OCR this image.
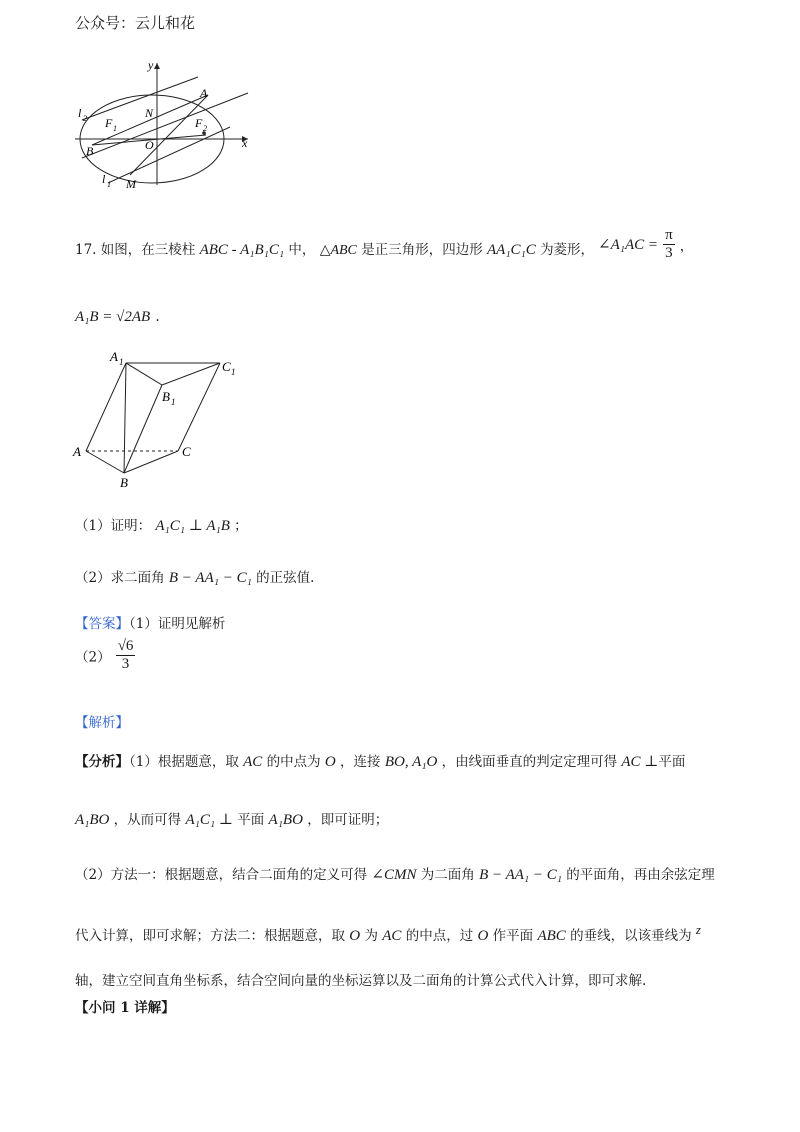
公众号：云儿和花
y
x
l 2
A
N
F 1	F 2
B	O
l 1 M
17. 如图，在三棱柱 ABC - A₁B₁C₁ 中， △ABC 是正三角形，四边形 AA₁C₁C 为菱形， ∠A₁AC = $\frac{\pi}{3}$ ，
A₁B = √2AB .
A 1	C 1
B 1
A	C
B
（1）证明： A₁C₁ ⊥ A₁B ；
（2）求二面角 B − AA₁ − C₁ 的正弦值.
【答案】（1）证明见解析
$(2) \frac{√6}{3}$
【解析】
【分析】（1）根据题意，取 AC 的中点为 O ，连接 BO, A₁O ，由线面垂直的判定定理可得 AC ⊥平面
A₁BO ，从而可得 A₁C₁ ⊥ 平面 A₁BO ，即可证明；
（2）方法一：根据题意，结合二面角的定义可得 ∠CMN 为二面角 B − AA₁ − C₁ 的平面角，再由余弦定理
代入计算，即可求解；方法二：根据题意，取 O 为 AC 的中点，过 O 作平面 ABC 的垂线，以该垂线为 z
轴，建立空间直角坐标系，结合空间向量的坐标运算以及二面角的计算公式代入计算，即可求解.
【小问 1 详解】
